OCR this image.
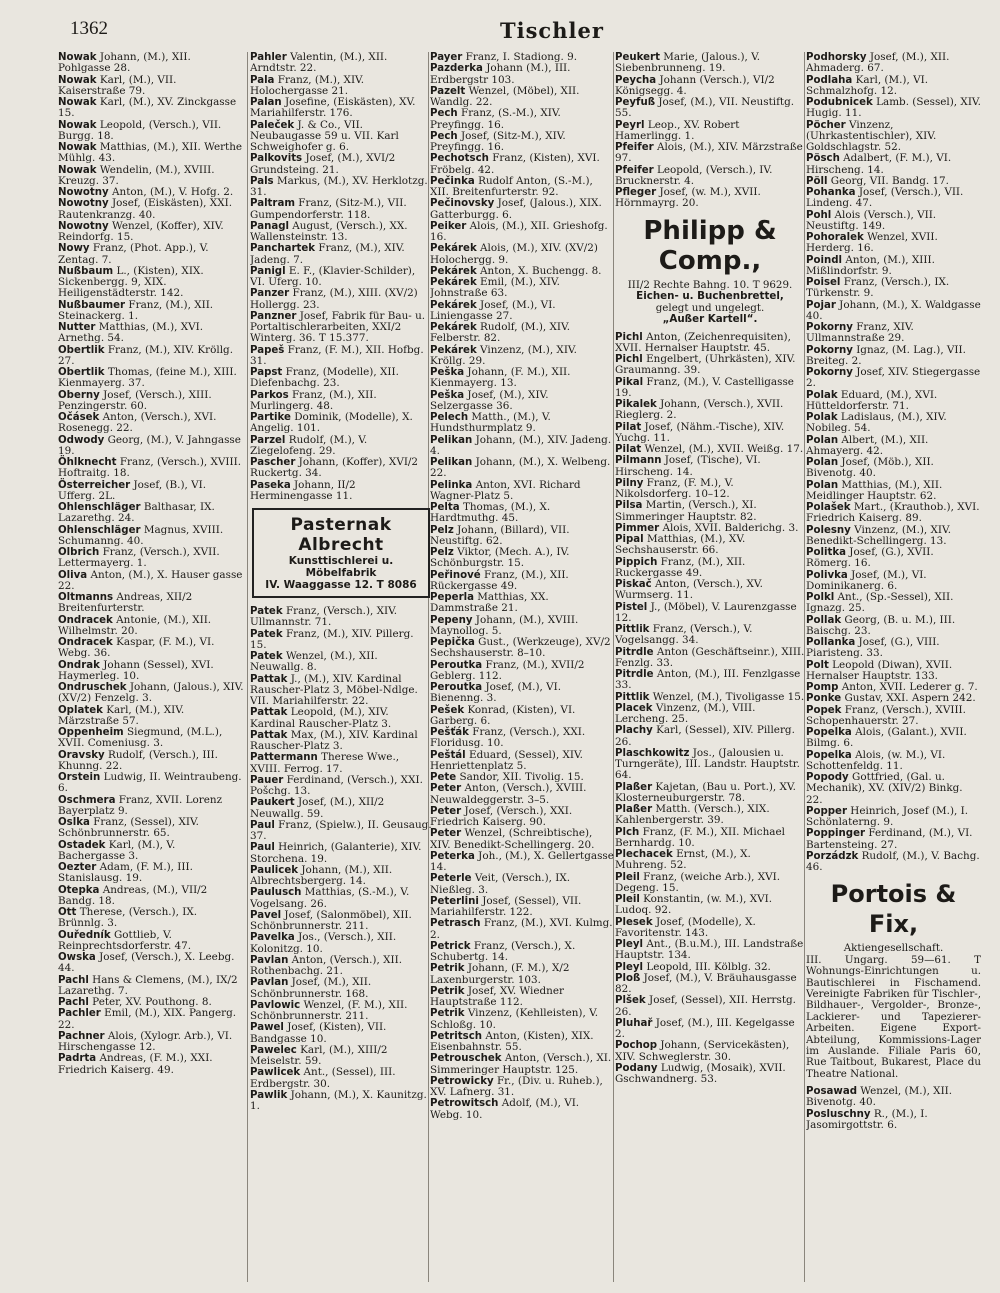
1362	Tischler

Nowak Johann, (M.), XII. Pohlgasse 28.

Nowak Karl, (M.), VII. Kaiserstraße 79.

Nowak Karl, (M.), XV. Zinckgasse 15.

Nowak Leopold, (Versch.), VII. Burgg. 18.

Nowak Matthias, (M.), XII. Werthe Mühlg. 43.

Nowak Wendelin, (M.), XVIII. Kreuzg. 37.

Nowotny Anton, (M.), V. Hofg. 2.

Nowotny Josef, (Eiskästen), XXI. Rautenkranzg. 40.

Nowotny Wenzel, (Koffer), XIV. Reindorfg. 15.

Nowy Franz, (Phot. App.), V. Zentag. 7.

Nußbaum L., (Kisten), XIX. Sickenbergg. 9, XIX. Heiligenstädterstr. 142.

Nußbaumer Franz, (M.), XII. Steinackerg. 1.

Nutter Matthias, (M.), XVI. Arnethg. 54.

Obertlik Franz, (M.), XIV. Kröllg. 27.

Obertlik Thomas, (feine M.), XIII. Kienmayerg. 37.

Oberny Josef, (Versch.), XIII. Penzingerstr. 60.

Očásek Anton, (Versch.), XVI. Rosenegg. 22.

Odwody Georg, (M.), V. Jahngasse 19.

Öhlknecht Franz, (Versch.), XVIII. Hoftraitg. 18.

Österreicher Josef, (B.), VI. Ufferg. 2L.

Ohlenschläger Balthasar, IX. Lazarethg. 24.

Ohlenschläger Magnus, XVIII. Schumanng. 40.

Olbrich Franz, (Versch.), XVII. Lettermayerg. 1.

Oliva Anton, (M.), X. Hauser gasse 22.

Oltmanns Andreas, XII/2 Breitenfurterstr.

Ondracek Antonie, (M.), XII. Wilhelmstr. 20.

Ondracek Kaspar, (F. M.), VI. Webg. 36.

Ondrak Johann (Sessel), XVI. Haymerleg. 10.

Ondruschek Johann, (Jalous.), XIV. (XV/2) Fenzelg. 3.

Oplatek Karl, (M.), XIV. Märzstraße 57.

Oppenheim Siegmund, (M.L.), XVII. Comeniusg. 3.

Oravsky Rudolf, (Versch.), III. Khunng. 22.

Orstein Ludwig, II. Weintraubeng. 6.

Oschmera Franz, XVII. Lorenz Bayerplatz 9.

Oslka Franz, (Sessel), XIV. Schönbrunnerstr. 65.

Ostadek Karl, (M.), V. Bachergasse 3.

Oezter Adam, (F. M.), III. Stanislausg. 19.

Otepka Andreas, (M.), VII/2 Bandg. 18.

Ott Therese, (Versch.), IX. Brünnlg. 3.

Ouředník Gottlieb, V. Reinprechtsdorferstr. 47.

Owska Josef, (Versch.), X. Leebg. 44.

Pachl Hans & Clemens, (M.), IX/2 Lazarethg. 7.

Pachl Peter, XV. Pouthong. 8.

Pachler Emil, (M.), XIX. Pangerg. 22.

Pachner Alois, (Xylogr. Arb.), VI. Hirschengasse 12.

Padrta Andreas, (F. M.), XXI. Friedrich Kaiserg. 49.

Pahler Valentin, (M.), XII. Arndtstr. 22.

Pala Franz, (M.), XIV. Holochergasse 21.

Palan Josefine, (Eiskästen), XV. Mariahilferstr. 176.

Paleček J. & Co., VII. Neubaugasse 59 u. VII. Karl Schweighofer g. 6.

Palkovits Josef, (M.), XVI/2 Grundsteing. 21.

Pals Markus, (M.), XV. Herklotzg. 31.

Paltram Franz, (Sitz-M.), VII. Gumpendorferstr. 118.

Panagl August, (Versch.), XX. Wallensteinstr. 13.

Panchartek Franz, (M.), XIV. Jadeng. 7.

Panigl E. F., (Klavier-Schilder), VI. Uferg. 10.

Panzer Franz, (M.), XIII. (XV/2) Hollergg. 23.

Panzner Josef, Fabrik für Bau- u. Portaltischlerarbeiten, XXI/2 Winterg. 36. T 15.377.

Papeš Franz, (F. M.), XII. Hofbg. 31.

Papst Franz, (Modelle), XII. Diefenbachg. 23.

Parkos Franz, (M.), XII. Murlingerg. 48.

Partike Dominik, (Modelle), X. Angelig. 101.

Parzel Rudolf, (M.), V. Ziegelofeng. 29.

Pascher Johann, (Koffer), XVI/2 Ruckertg. 34.

Paseka Johann, II/2 Herminengasse 11.

Pasternak Albrecht
Kunsttischlerei u. Möbelfabrik
IV. Waaggasse 12. T 8086

Patek Franz, (Versch.), XIV. Ullmannstr. 71.

Patek Franz, (M.), XIV. Pillerg. 15.

Patek Wenzel, (M.), XII. Neuwallg. 8.

Pattak J., (M.), XIV. Kardinal Rauscher-Platz 3, Möbel-Ndlge. VII. Mariahilferstr. 22.

Pattak Leopold, (M.), XIV. Kardinal Rauscher-Platz 3.

Pattak Max, (M.), XIV. Kardinal Rauscher-Platz 3.

Pattermann Therese Wwe., XVIII. Ferrog. 17.

Pauer Ferdinand, (Versch.), XXI. Pošchg. 13.

Paukert Josef, (M.), XII/2 Neuwallg. 59.

Paul Franz, (Spielw.), II. Geusaug. 37.

Paul Heinrich, (Galanterie), XIV. Storchena. 19.

Paulicek Johann, (M.), XII. Albrechtsbergerg. 14.

Paulusch Matthias, (S.-M.), V. Vogelsang. 26.

Pavel Josef, (Salonmöbel), XII. Schönbrunnerstr. 211.

Pavelka Jos., (Versch.), XII. Kolonitzg. 10.

Pavlan Anton, (Versch.), XII. Rothenbachg. 21.

Pavlan Josef, (M.), XII. Schönbrunnerstr. 168.

Pavlowic Wenzel, (F. M.), XII. Schönbrunnerstr. 211.

Pawel Josef, (Kisten), VII. Bandgasse 10.

Pawelec Karl, (M.), XIII/2 Meiselstr. 59.

Pawlicek Ant., (Sessel), III. Erdbergstr. 30.

Pawlik Johann, (M.), X. Kaunitzg. 1.

Payer Franz, I. Stadiong. 9.

Pazderka Johann (M.), III. Erdbergstr 103.

Pazelt Wenzel, (Möbel), XII. Wandlg. 22.

Pech Franz, (S.-M.), XIV. Preyfingg. 16.

Pech Josef, (Sitz-M.), XIV. Preyfingg. 16.

Pechotsch Franz, (Kisten), XVI. Fröbelg. 42.

Pečinka Rudolf Anton, (S.-M.), XII. Breitenfurterstr. 92.

Pečinovsky Josef, (Jalous.), XIX. Gatterburgg. 6.

Peiker Alois, (M.), XII. Grieshofg. 16.

Pekárek Alois, (M.), XIV. (XV/2) Holochergg. 9.

Pekárek Anton, X. Buchengg. 8.

Pekárek Emil, (M.), XIV. Johnstraße 63.

Pekárek Josef, (M.), VI. Liniengasse 27.

Pekárek Rudolf, (M.), XIV. Felberstr. 82.

Pekárek Vinzenz, (M.), XIV. Kröllg. 29.

Peška Johann, (F. M.), XII. Kienmayerg. 13.

Peška Josef, (M.), XIV. Selzergasse 36.

Pelech Matth., (M.), V. Hundsthurmplatz 9.

Pelikan Johann, (M.), XIV. Jadeng. 4.

Pelikan Johann, (M.), X. Welbeng. 22.

Pelinka Anton, XVI. Richard Wagner-Platz 5.

Pelta Thomas, (M.), X. Hardtmuthg. 45.

Pelz Johann, (Billard), VII. Neustiftg. 62.

Pelz Viktor, (Mech. A.), IV. Schönburgstr. 15.

Peřinové Franz, (M.), XII. Rückergasse 49.

Peperla Matthias, XX. Dammstraße 21.

Pepeny Johann, (M.), XVIII. Maynollog. 5.

Pepička Gust., (Werkzeuge), XV/2 Sechshauserstr. 8–10.

Peroutka Franz, (M.), XVII/2 Geblerg. 112.

Peroutka Josef, (M.), VI. Bienenng. 3.

Pešek Konrad, (Kisten), VI. Garberg. 6.

Pešťák Franz, (Versch.), XXI. Floridusg. 10.

Peštál Eduard, (Sessel), XIV. Henriettenplatz 5.

Pete Sandor, XII. Tivolig. 15.

Peter Anton, (Versch.), XVIII. Neuwaldeggerstr. 3–5.

Peter Josef, (Versch.), XXI. Friedrich Kaiserg. 90.

Peter Wenzel, (Schreibtische), XIV. Benedikt-Schellingerg. 20.

Peterka Joh., (M.), X. Gellertgasse 14.

Peterle Veit, (Versch.), IX. Nießleg. 3.

Peterlini Josef, (Sessel), VII. Mariahilferstr. 122.

Petrasch Franz, (M.), XVI. Kulmg. 2.

Petrick Franz, (Versch.), X. Schubertg. 14.

Petrik Johann, (F. M.), X/2 Laxenburgerstr. 103.

Petrik Josef, XV. Wiedner Hauptstraße 112.

Petrik Vinzenz, (Kehlleisten), V. Schloßg. 10.

Petritsch Anton, (Kisten), XIX. Eisenbahnstr. 55.

Petrouschek Anton, (Versch.), XI. Simmeringer Hauptstr. 125.

Petrowicky Fr., (Div. u. Ruheb.), XV. Lafnerg. 31.

Petrowitsch Adolf, (M.), VI. Webg. 10.

Peukert Marie, (Jalous.), V. Siebenbrunneng. 19.

Peycha Johann (Versch.), VI/2 Königsegg. 4.

Peyfuß Josef, (M.), VII. Neustiftg. 55.

Peyrl Leop., XV. Robert Hamerlingg. 1.

Pfeifer Alois, (M.), XIV. Märzstraße 97.

Pfeifer Leopold, (Versch.), IV. Brucknerstr. 4.

Pfleger Josef, (w. M.), XVII. Hörnmayrg. 20.

Philipp & Comp.,
III/2 Rechte Bahng. 10. T 9629.
Eichen- u. Buchenbrettel,
gelegt und ungelegt.
„Außer Kartell“.

Pichl Anton, (Zeichenrequisiten), XVII. Hernalser Hauptstr. 45.

Pichl Engelbert, (Uhrkästen), XIV. Graumanng. 39.

Pikal Franz, (M.), V. Castelligasse 19.

Pikalek Johann, (Versch.), XVII. Rieglerg. 2.

Pilat Josef, (Nähm.-Tische), XIV. Yuchg. 11.

Pilat Wenzel, (M.), XVII. Weißg. 17.

Pilmann Josef, (Tische), VI. Hirscheng. 14.

Pilny Franz, (F. M.), V. Nikolsdorferg. 10–12.

Pilsa Martin, (Versch.), XI. Simmeringer Hauptstr. 82.

Pimmer Alois, XVII. Balderichg. 3.

Pipal Matthias, (M.), XV. Sechshauserstr. 66.

Pippich Franz, (M.), XII. Ruckergasse 49.

Piskač Anton, (Versch.), XV. Wurmserg. 11.

Pistel J., (Möbel), V. Laurenzgasse 12.

Pittlik Franz, (Versch.), V. Vogelsangg. 34.

Pitrdle Anton (Geschäftseinr.), XIII. Fenzlg. 33.

Pitrdle Anton, (M.), III. Fenzlgasse 33.

Pittlik Wenzel, (M.), Tivoligasse 15.

Placek Vinzenz, (M.), VIII. Lercheng. 25.

Plachy Karl, (Sessel), XIV. Pillerg. 26.

Plaschkowitz Jos., (Jalousien u. Turngeräte), III. Landstr. Hauptstr. 64.

Plaßer Kajetan, (Bau u. Port.), XV. Klosterneuburgerstr. 78.

Plaßer Matth. (Versch.), XIX. Kahlenbergerstr. 39.

Plch Franz, (F. M.), XII. Michael Bernhardg. 10.

Plechacek Ernst, (M.), X. Muhreng. 52.

Pleil Franz, (weiche Arb.), XVI. Degeng. 15.

Pleil Konstantin, (w. M.), XVI. Ludoq. 92.

Plesek Josef, (Modelle), X. Favoritenstr. 143.

Pleyl Ant., (B.u.M.), III. Landstraße Hauptstr. 134.

Pleyl Leopold, III. Kölblg. 32.

Ploß Josef, (M.), V. Bräuhausgasse 82.

Plšek Josef, (Sessel), XII. Herrstg. 26.

Pluhař Josef, (M.), III. Kegelgasse 2.

Pochop Johann, (Servicekästen), XIV. Schweglerstr. 30.

Podany Ludwig, (Mosaik), XVII. Gschwandnerg. 53.

Podhorsky Josef, (M.), XII. Ahmaderg. 67.

Podlaha Karl, (M.), VI. Schmalzhofg. 12.

Podubnicek Lamb. (Sessel), XIV. Hugig. 11.

Pöcher Vinzenz, (Uhrkastentischler), XIV. Goldschlagstr. 52.

Pösch Adalbert, (F. M.), VI. Hirscheng. 14.

Pöll Georg, VII. Bandg. 17.

Pohanka Josef, (Versch.), VII. Lindeng. 47.

Pohl Alois (Versch.), VII. Neustiftg. 149.

Pohoralek Wenzel, XVII. Herderg. 16.

Poindl Anton, (M.), XIII. Mißlindorfstr. 9.

Poisel Franz, (Versch.), IX. Türkenstr. 9.

Pojar Johann, (M.), X. Waldgasse 40.

Pokorny Franz, XIV. Ullmannstraße 29.

Pokorny Ignaz, (M. Lag.), VII. Breiteg. 2.

Pokorny Josef, XIV. Stiegergasse 2.

Polak Eduard, (M.), XVI. Hütteldorferstr. 71.

Polak Ladislaus, (M.), XIV. Nobileg. 54.

Polan Albert, (M.), XII. Ahmayerg. 42.

Polan Josef, (Möb.), XII. Bivenotg. 40.

Polan Matthias, (M.), XII. Meidlinger Hauptstr. 62.

Polašek Mart., (Krauthob.), XVI. Friedrich Kaiserg. 89.

Polesny Vinzenz, (M.), XIV. Benedikt-Schellingerg. 13.

Politka Josef, (G.), XVII. Römerg. 16.

Polivka Josef, (M.), VI. Dominikanerg. 6.

Polkl Ant., (Sp.-Sessel), XII. Ignazg. 25.

Pollak Georg, (B. u. M.), III. Baischg. 23.

Pollanka Josef, (G.), VIII. Piaristeng. 33.

Polt Leopold (Diwan), XVII. Hernalser Hauptstr. 133.

Pomp Anton, XVII. Lederer g. 7.

Ponke Gustav, XXI. Aspern 242.

Popek Franz, (Versch.), XVIII. Schopenhauerstr. 27.

Popelka Alois, (Galant.), XVII. Bilmg. 6.

Popelka Alois, (w. M.), VI. Schottenfeldg. 11.

Popody Gottfried, (Gal. u. Mechanik), XV. (XIV/2) Binkg. 22.

Popper Heinrich, Josef (M.), I. Schönlaterng. 9.

Poppinger Ferdinand, (M.), VI. Bartensteing. 27.

Porzádzk Rudolf, (M.), V. Bachg. 46.

Portois & Fix,
Aktiengesellschaft.
III. Ungarg. 59—61. T Wohnungs-Einrichtungen u. Bautischlerei in Fischamend. Vereinigte Fabriken für Tischler-, Bildhauer-, Vergolder-, Bronze-, Lackierer- und Tapezierer-Arbeiten. Eigene Export-Abteilung, Kommissions-Lager im Auslande. Filiale Paris 60, Rue Taitbout, Bukarest, Place du Theatre National.

Posawad Wenzel, (M.), XII. Bivenotg. 40.

Posluschny R., (M.), I. Jasomirgottstr. 6.
